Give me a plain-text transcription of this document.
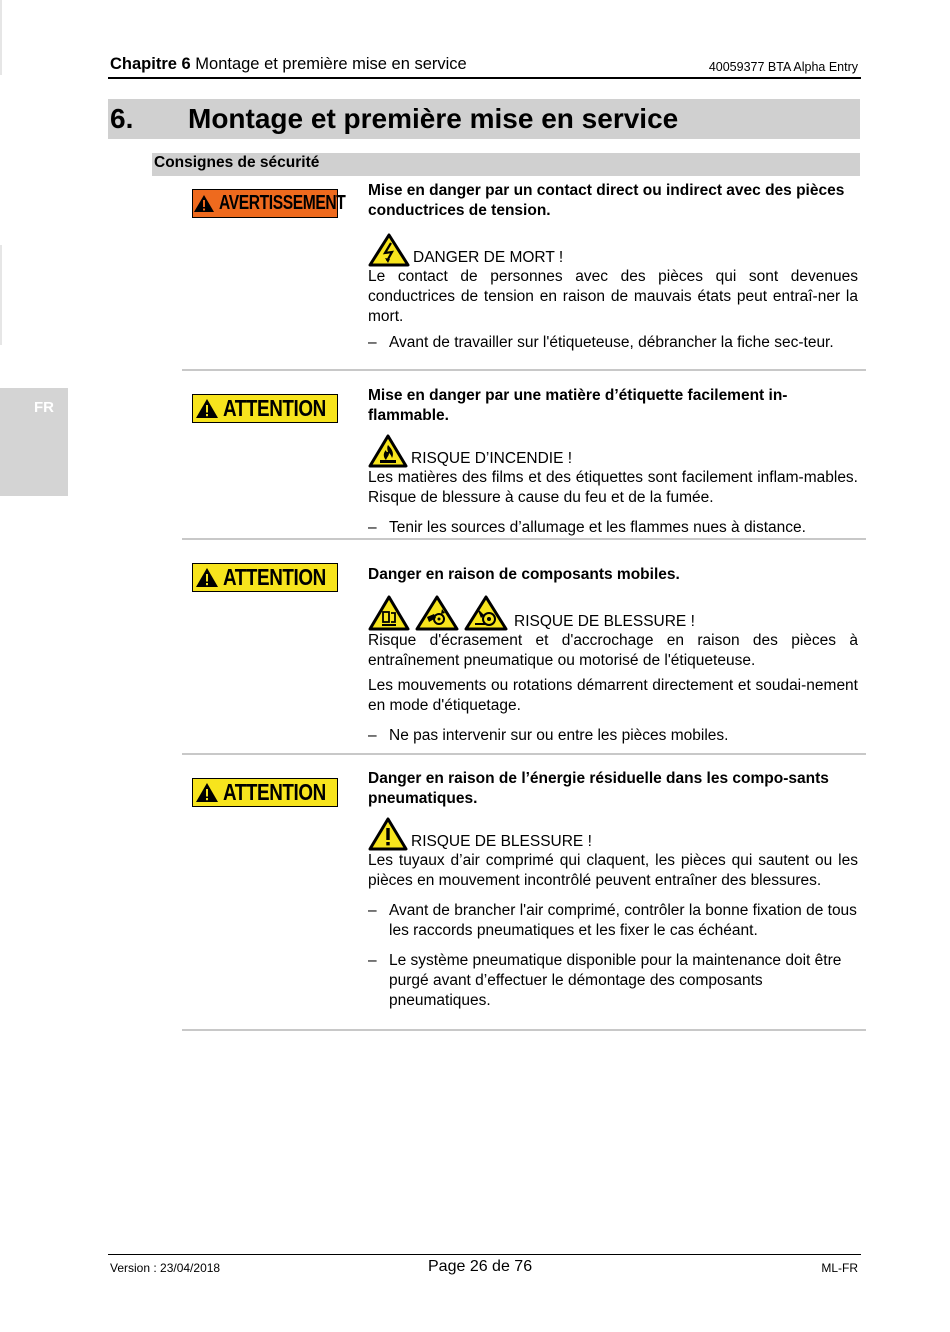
Chapitre 6 Montage et première mise en service	40059377 BTA Alpha Entry
FR
6. Montage et première mise en service
Consignes de sécurité
AVERTISSEMENT

Mise en danger par un contact direct ou indirect avec des pièces conductrices de tension.

DANGER DE MORT !

Le contact de personnes avec des pièces qui sont devenues conductrices de tension en raison de mauvais états peut entraî-ner la mort.

– Avant de travailler sur l'étiqueteuse, débrancher la fiche sec-teur.
ATTENTION	Mise en danger par une matière d’étiquette facilement in-flammable.

RISQUE D’INCENDIE !

Les matières des films et des étiquettes sont facilement inflam-mables. Risque de blessure à cause du feu et de la fumée.

– Tenir les sources d’allumage et les flammes nues à distance.
ATTENTION	Danger en raison de composants mobiles.

RISQUE DE BLESSURE !

Risque d'écrasement et d'accrochage en raison des pièces à entraînement pneumatique ou motorisé de l'étiqueteuse.

Les mouvements ou rotations démarrent directement et soudai-nement en mode d'étiquetage.

– Ne pas intervenir sur ou entre les pièces mobiles.
ATTENTION

Danger en raison de l’énergie résiduelle dans les compo-sants pneumatiques.

RISQUE DE BLESSURE !

Les tuyaux d’air comprimé qui claquent, les pièces qui sautent ou les pièces en mouvement incontrôlé peuvent entraîner des blessures.

– Avant de brancher l'air comprimé, contrôler la bonne fixation de tous les raccords pneumatiques et les fixer le cas échéant.
– Le système pneumatique disponible pour la maintenance doit être purgé avant d’effectuer le démontage des composants pneumatiques.
Version : 23/04/2018	Page 26 de 76	ML-FR
